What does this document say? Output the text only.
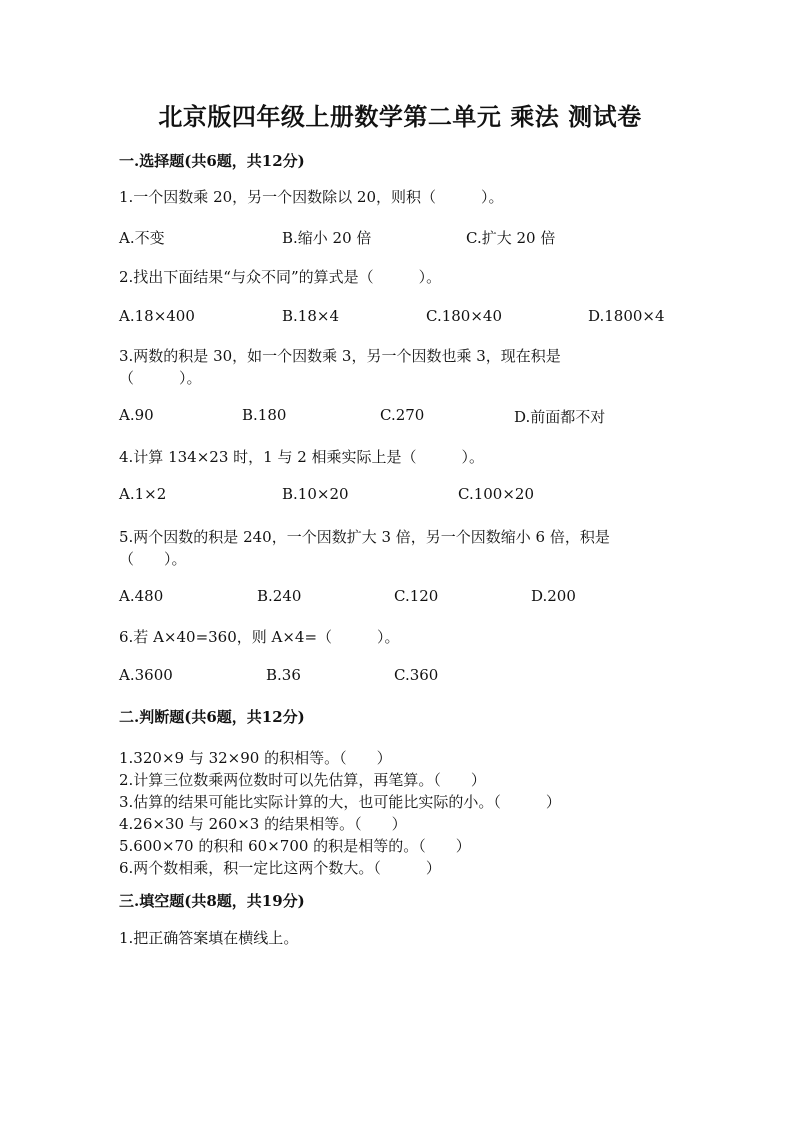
北京版四年级上册数学第二单元 乘法 测试卷
一.选择题(共6题，共12分)
1.一个因数乘 20，另一个因数除以 20，则积（　　　）。
A.不变	B.缩小 20 倍	C.扩大 20 倍
2.找出下面结果“与众不同”的算式是（　　　）。
A.18×400	B.18×4	C.180×40	D.1800×4
3.两数的积是 30，如一个因数乘 3，另一个因数也乘 3，现在积是
（　　　）。
A.90	B.180	C.270	D.前面都不对
4.计算 134×23 时，1 与 2 相乘实际上是（　　　）。
A.1×2	B.10×20	C.100×20
5.两个因数的积是 240，一个因数扩大 3 倍，另一个因数缩小 6 倍，积是
（　　）。
A.480	B.240	C.120	D.200
6.若 A×40=360，则 A×4=（　　　）。
A.3600	B.36	C.360
二.判断题(共6题，共12分)
1.320×9 与 32×90 的积相等。（　　）
2.计算三位数乘两位数时可以先估算，再笔算。（　　）
3.估算的结果可能比实际计算的大，也可能比实际的小。（　　　）
4.26×30 与 260×3 的结果相等。（　　）
5.600×70 的积和 60×700 的积是相等的。（　　）
6.两个数相乘，积一定比这两个数大。（　　　）
三.填空题(共8题，共19分)
1.把正确答案填在横线上。
